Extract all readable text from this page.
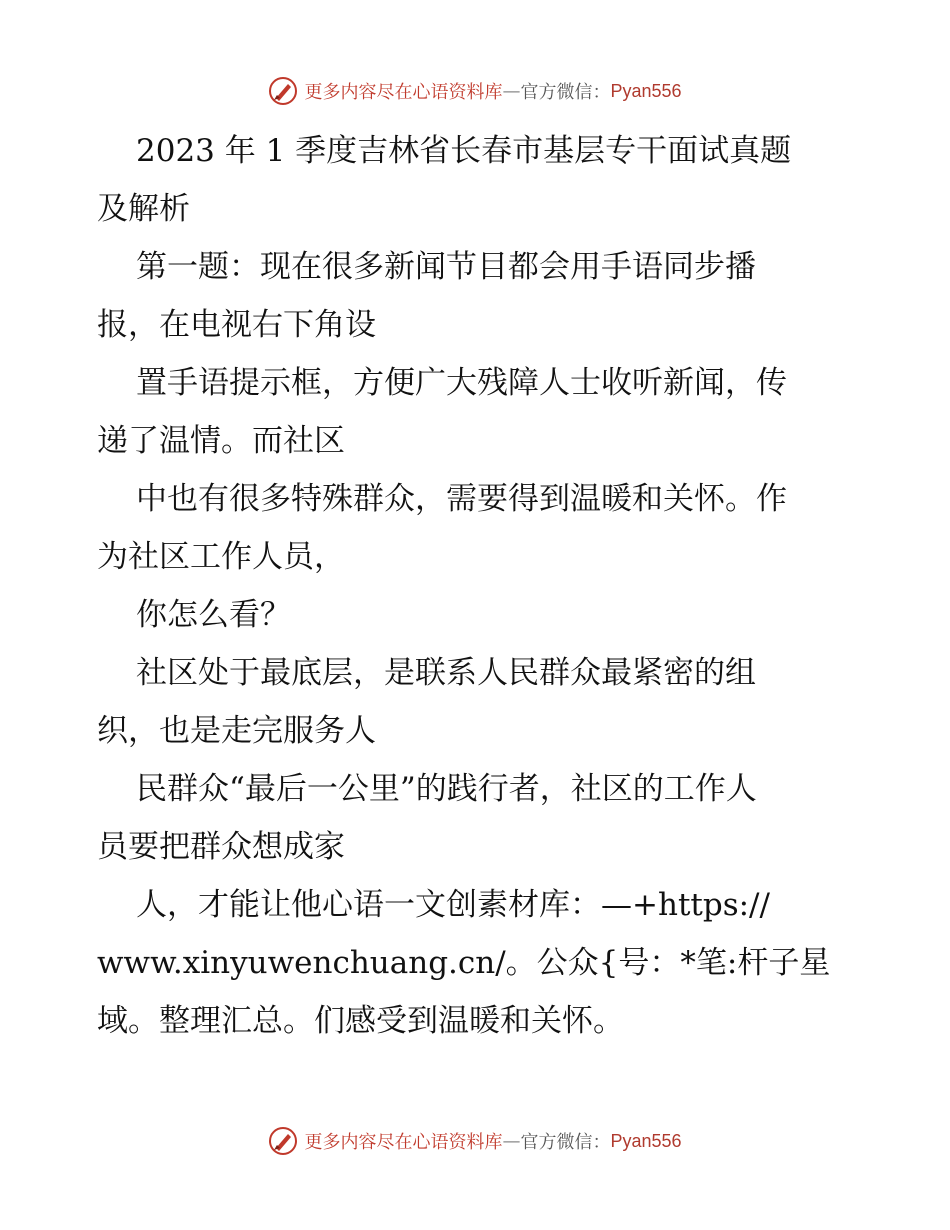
更多内容尽在心语资料库 — 官方微信： Pyan556
2023 年 1 季度吉林省长春市基层专干面试真题
及解析
第一题：现在很多新闻节目都会用手语同步播
报，在电视右下角设
置手语提示框，方便广大残障人士收听新闻，传
递了温情。而社区
中也有很多特殊群众，需要得到温暖和关怀。作
为社区工作人员，
你怎么看？
社区处于最底层，是联系人民群众最紧密的组
织，也是走完服务人
民群众“最后一公里”的践行者，社区的工作人
员要把群众想成家
人，才能让他心语一文创素材库：—+https://
www.xinyuwenchuang.cn/。公众{号：*笔:杆子星
域。整理汇总。们感受到温暖和关怀。
更多内容尽在心语资料库 — 官方微信： Pyan556
